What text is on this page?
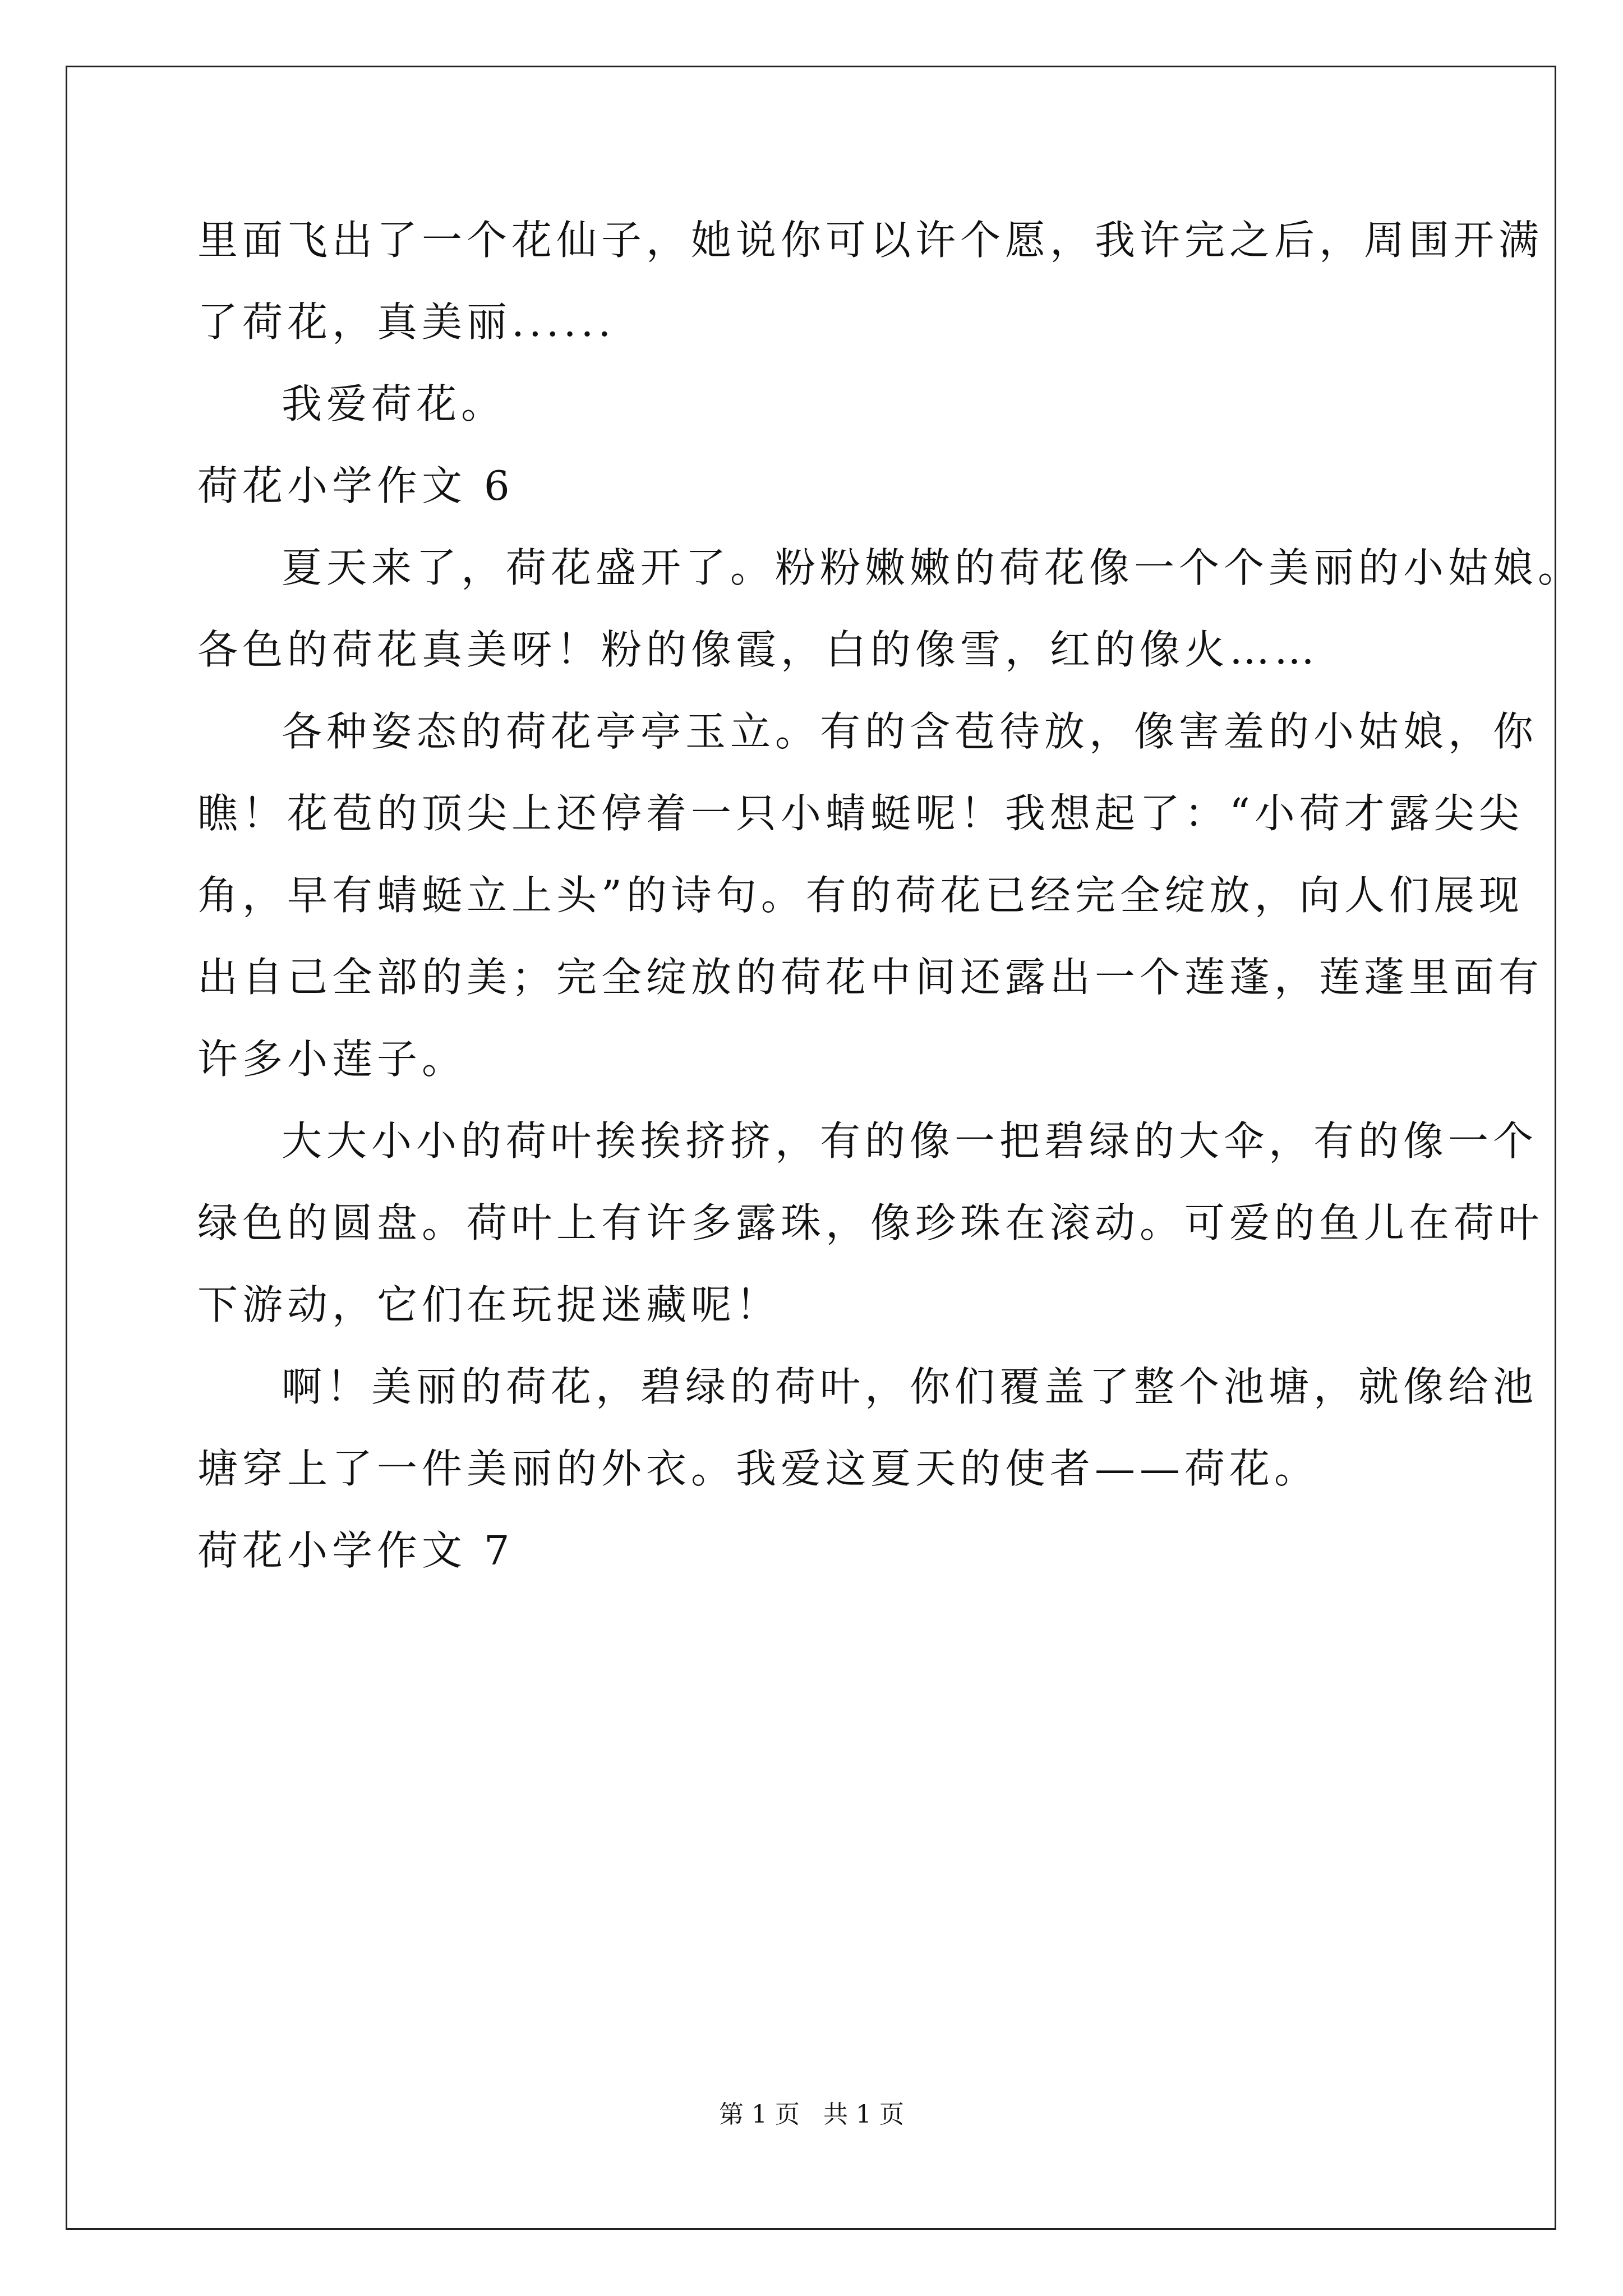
里面飞出了一个花仙子，她说你可以许个愿，我许完之后，周围开满
了荷花，真美丽......
我爱荷花。
荷花小学作文 6
夏天来了，荷花盛开了。粉粉嫩嫩的荷花像一个个美丽的小姑娘。
各色的荷花真美呀！粉的像霞，白的像雪，红的像火……
各种姿态的荷花亭亭玉立。有的含苞待放，像害羞的小姑娘，你
瞧！花苞的顶尖上还停着一只小蜻蜓呢！我想起了：“小荷才露尖尖
角，早有蜻蜓立上头”的诗句。有的荷花已经完全绽放，向人们展现
出自己全部的美；完全绽放的荷花中间还露出一个莲蓬，莲蓬里面有
许多小莲子。
大大小小的荷叶挨挨挤挤，有的像一把碧绿的大伞，有的像一个
绿色的圆盘。荷叶上有许多露珠，像珍珠在滚动。可爱的鱼儿在荷叶
下游动，它们在玩捉迷藏呢！
啊！美丽的荷花，碧绿的荷叶，你们覆盖了整个池塘，就像给池
塘穿上了一件美丽的外衣。我爱这夏天的使者——荷花。
荷花小学作文 7
第 1 页   共 1 页
